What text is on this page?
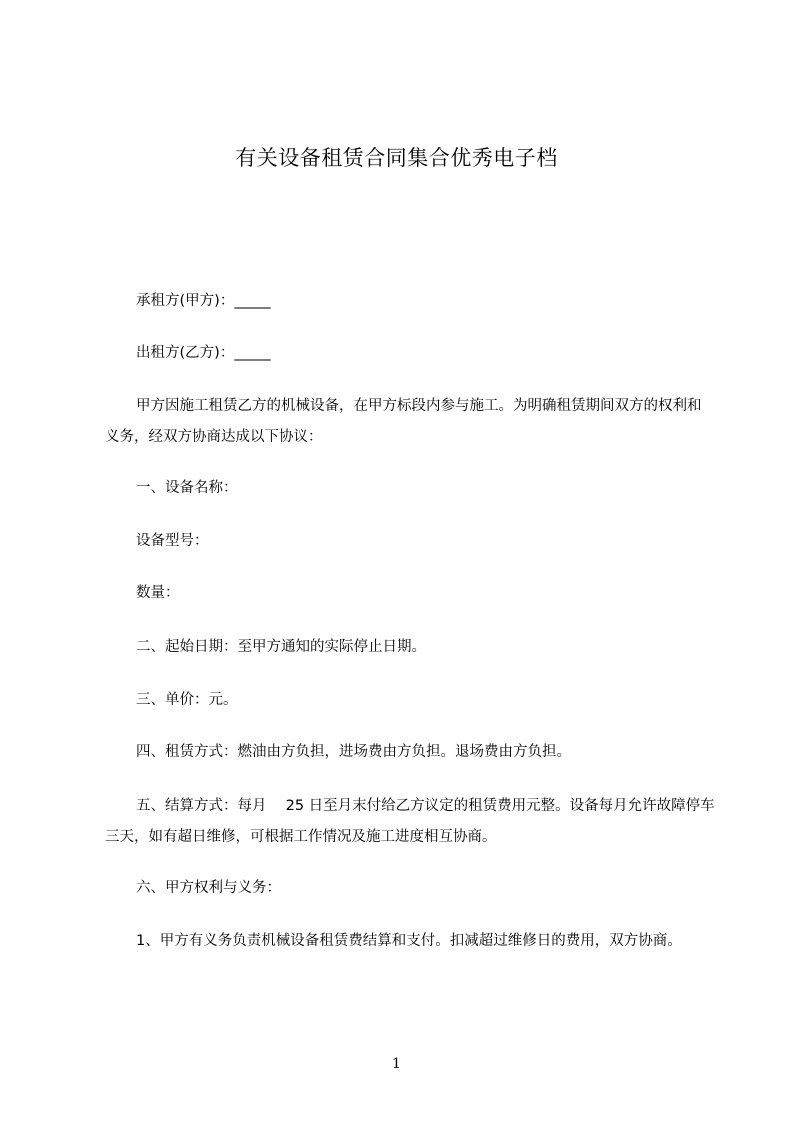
有关设备租赁合同集合优秀电子档

承租方(甲方)：_____

出租方(乙方)：_____

甲方因施工租赁乙方的机械设备，在甲方标段内参与施工。为明确租赁期间双方的权利和义务，经双方协商达成以下协议：

一、设备名称：

设备型号：

数量：

二、起始日期：至甲方通知的实际停止日期。

三、单价：元。

四、租赁方式：燃油由方负担，进场费由方负担。退场费由方负担。

五、结算方式：每月　 25 日至月末付给乙方议定的租赁费用元整。设备每月允许故障停车三天，如有超日维修，可根据工作情况及施工进度相互协商。

六、甲方权利与义务：

1、甲方有义务负责机械设备租赁费结算和支付。扣减超过维修日的费用，双方协商。

1
